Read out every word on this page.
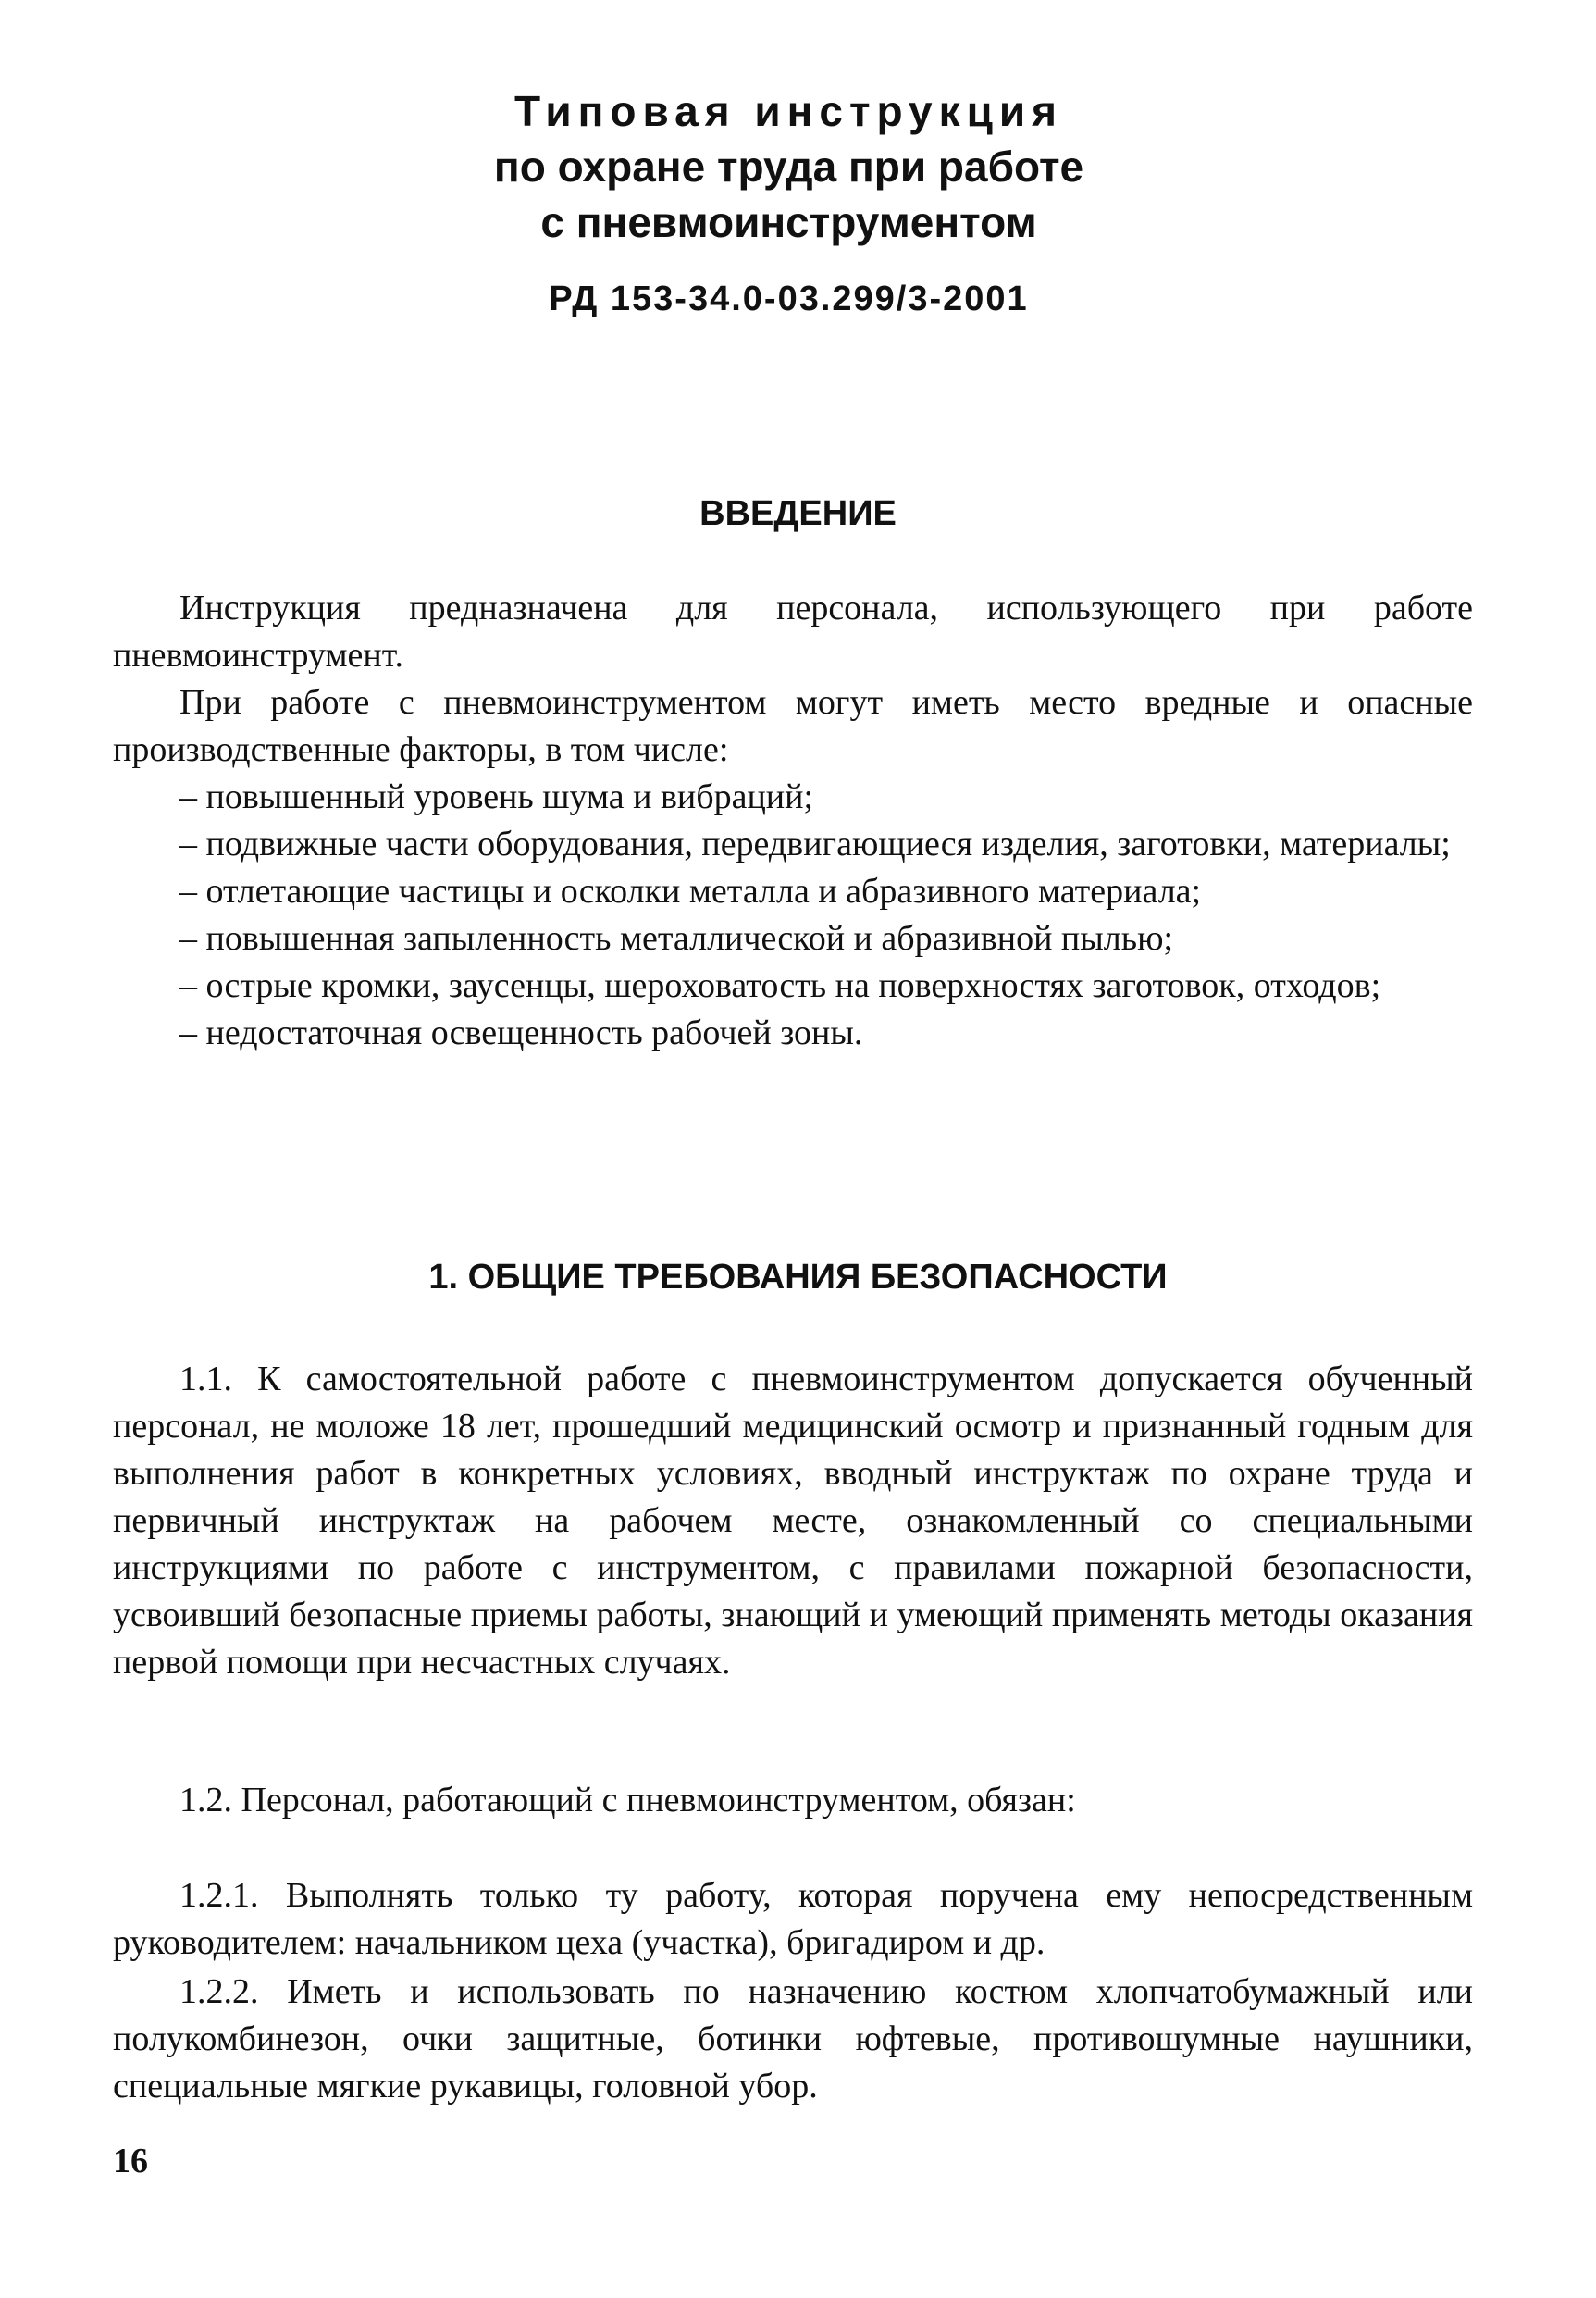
Типовая инструкция
по охране труда при работе
с пневмоинструментом
РД 153-34.0-03.299/3-2001
ВВЕДЕНИЕ

Инструкция предназначена для персонала, использующего при работе пневмоинструмент.

При работе с пневмоинструментом могут иметь место вредные и опасные производственные факторы, в том числе:

– повышенный уровень шума и вибраций;

– подвижные части оборудования, передвигающиеся изделия, заготовки, материалы;

– отлетающие частицы и осколки металла и абразивного материала;

– повышенная запыленность металлической и абразивной пылью;

– острые кромки, заусенцы, шероховатость на поверхностях заготовок, отходов;

– недостаточная освещенность рабочей зоны.

1. ОБЩИЕ ТРЕБОВАНИЯ БЕЗОПАСНОСТИ

1.1. К самостоятельной работе с пневмоинструментом допускается обученный персонал, не моложе 18 лет, прошедший медицинский осмотр и признанный годным для выполнения работ в конкретных условиях, вводный инструктаж по охране труда и первичный инструктаж на рабочем месте, ознакомленный со специальными инструкциями по работе с инструментом, с правилами пожарной безопасности, усвоивший безопасные приемы работы, знающий и умеющий применять методы оказания первой помощи при несчастных случаях.

1.2. Персонал, работающий с пневмоинструментом, обязан:

1.2.1. Выполнять только ту работу, которая поручена ему непосредственным руководителем: начальником цеха (участка), бригадиром и др.

1.2.2. Иметь и использовать по назначению костюм хлопчатобумажный или полукомбинезон, очки защитные, ботинки юфтевые, противошумные наушники, специальные мягкие рукавицы, головной убор.

16
